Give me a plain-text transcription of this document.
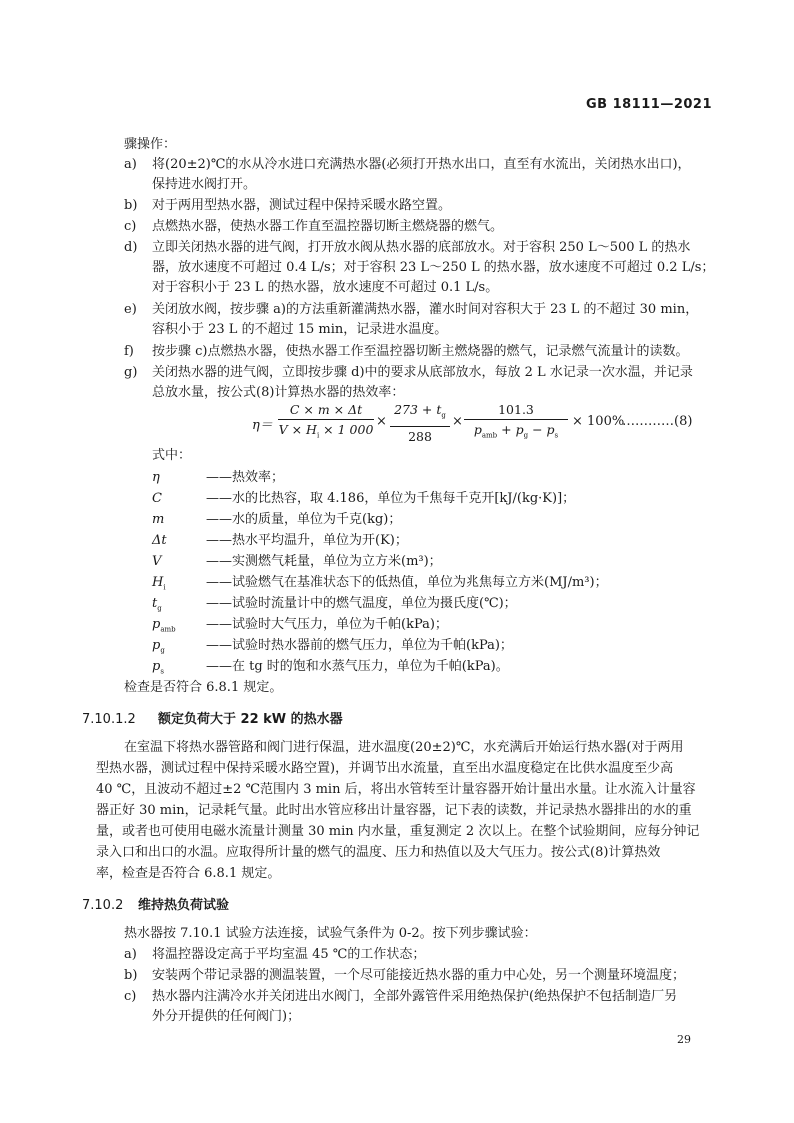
GB 18111—2021
骤操作：
a) 将(20±2)℃的水从冷水进口充满热水器(必须打开热水出口，直至有水流出，关闭热水出口)，
保持进水阀打开。
b) 对于两用型热水器，测试过程中保持采暖水路空置。
c) 点燃热水器，使热水器工作直至温控器切断主燃烧器的燃气。
d) 立即关闭热水器的进气阀，打开放水阀从热水器的底部放水。对于容积 250 L～500 L 的热水
器，放水速度不可超过 0.4 L/s；对于容积 23 L～250 L 的热水器，放水速度不可超过 0.2 L/s；
对于容积小于 23 L 的热水器，放水速度不可超过 0.1 L/s。
e) 关闭放水阀，按步骤 a)的方法重新灌满热水器，灌水时间对容积大于 23 L 的不超过 30 min，
容积小于 23 L 的不超过 15 min，记录进水温度。
f) 按步骤 c)点燃热水器，使热水器工作至温控器切断主燃烧器的燃气，记录燃气流量计的读数。
g) 关闭热水器的进气阀，立即按步骤 d)中的要求从底部放水，每放 2 L 水记录一次水温，并记录
总放水量，按公式(8)计算热水器的热效率：
$\eta= \frac{C \times m \times \Delta t}{V \times H_i \times 1 000} \times \frac{273 + t_g}{288}$ ×
101.3
$p_{amb} + p_g - p_s$
× 100%
…………(8)
式中：
η	——热效率；
C	——水的比热容，取 4.186，单位为千焦每千克开[kJ/(kg·K)]；
m	——水的质量，单位为千克(kg)；
Δt	——热水平均温升，单位为开(K)；
V	——实测燃气耗量，单位为立方米(m³)；
$H_i$	——试验燃气在基准状态下的低热值，单位为兆焦每立方米(MJ/m³)；
$t_g$	——试验时流量计中的燃气温度，单位为摄氏度(℃)；
$p_{amb}$ ——试验时大气压力，单位为千帕(kPa)；
$p_g$	——试验时热水器前的燃气压力，单位为千帕(kPa)；
$p_s$	——在 tg 时的饱和水蒸气压力，单位为千帕(kPa)。
检查是否符合 6.8.1 规定。
7.10.1.2 额定负荷大于 22 kW 的热水器
在室温下将热水器管路和阀门进行保温，进水温度(20±2)℃，水充满后开始运行热水器(对于两用
型热水器，测试过程中保持采暖水路空置)，并调节出水流量，直至出水温度稳定在比供水温度至少高
40 ℃，且波动不超过±2 ℃范围内 3 min 后，将出水管转至计量容器开始计量出水量。让水流入计量容
器正好 30 min，记录耗气量。此时出水管应移出计量容器，记下表的读数，并记录热水器排出的水的重
量，或者也可使用电磁水流量计测量 30 min 内水量，重复测定 2 次以上。在整个试验期间，应每分钟记
录入口和出口的水温。应取得所计量的燃气的温度、压力和热值以及大气压力。按公式(8)计算热效
率，检查是否符合 6.8.1 规定。
7.10.2 维持热负荷试验
热水器按 7.10.1 试验方法连接，试验气条件为 0-2。按下列步骤试验：
a) 将温控器设定高于平均室温 45 ℃的工作状态；
b) 安装两个带记录器的测温装置，一个尽可能接近热水器的重力中心处，另一个测量环境温度；
c) 热水器内注满冷水并关闭进出水阀门，全部外露管件采用绝热保护(绝热保护不包括制造厂另
外分开提供的任何阀门)；
29
